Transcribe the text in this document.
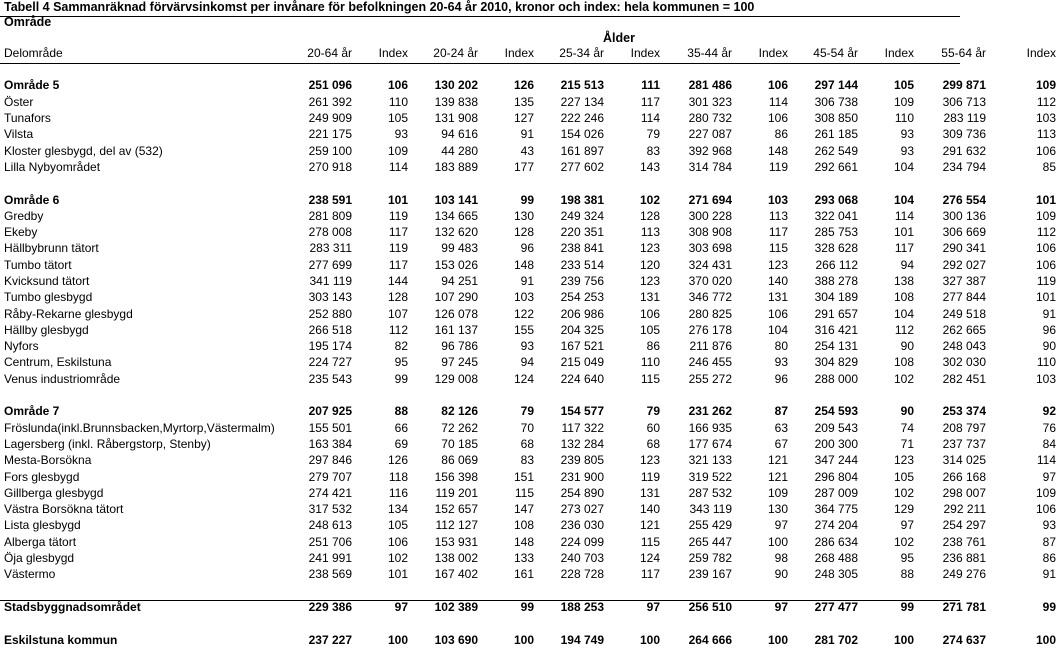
Tabell 4 Sammanräknad förvärvsinkomst per invånare för befolkningen 20-64 år 2010, kronor och index: hela kommunen = 100
Område
Ålder
Delområde	20-64 år	Index	20-24 år	Index	25-34 år	Index	35-44 år	Index	45-54 år	Index	55-64 år	Index

Område 5	251 096	106	130 202	126	215 513	111	281 486	106	297 144	105	299 871	109
Öster	261 392	110	139 838	135	227 134	117	301 323	114	306 738	109	306 713	112
Tunafors	249 909	105	131 908	127	222 246	114	280 732	106	308 850	110	283 119	103
Vilsta	221 175	93	94 616	91	154 026	79	227 087	86	261 185	93	309 736	113
Kloster glesbygd, del av (532)	259 100	109	44 280	43	161 897	83	392 968	148	262 549	93	291 632	106
Lilla Nybyområdet	270 918	114	183 889	177	277 602	143	314 784	119	292 661	104	234 794	85

Område 6	238 591	101	103 141	99	198 381	102	271 694	103	293 068	104	276 554	101
Gredby	281 809	119	134 665	130	249 324	128	300 228	113	322 041	114	300 136	109
Ekeby	278 008	117	132 620	128	220 351	113	308 908	117	285 753	101	306 669	112
Hällbybrunn tätort	283 311	119	99 483	96	238 841	123	303 698	115	328 628	117	290 341	106
Tumbo tätort	277 699	117	153 026	148	233 514	120	324 431	123	266 112	94	292 027	106
Kvicksund tätort	341 119	144	94 251	91	239 756	123	370 020	140	388 278	138	327 387	119
Tumbo glesbygd	303 143	128	107 290	103	254 253	131	346 772	131	304 189	108	277 844	101
Råby-Rekarne glesbygd	252 880	107	126 078	122	206 986	106	280 825	106	291 657	104	249 518	91
Hällby glesbygd	266 518	112	161 137	155	204 325	105	276 178	104	316 421	112	262 665	96
Nyfors	195 174	82	96 786	93	167 521	86	211 876	80	254 131	90	248 043	90
Centrum, Eskilstuna	224 727	95	97 245	94	215 049	110	246 455	93	304 829	108	302 030	110
Venus industriområde	235 543	99	129 008	124	224 640	115	255 272	96	288 000	102	282 451	103

Område 7	207 925	88	82 126	79	154 577	79	231 262	87	254 593	90	253 374	92
Fröslunda(inkl.Brunnsbacken,Myrtorp,Västermalm)	155 501	66	72 262	70	117 322	60	166 935	63	209 543	74	208 797	76
Lagersberg (inkl. Råbergstorp, Stenby)	163 384	69	70 185	68	132 284	68	177 674	67	200 300	71	237 737	84
Mesta-Borsökna	297 846	126	86 069	83	239 805	123	321 133	121	347 244	123	314 025	114
Fors glesbygd	279 707	118	156 398	151	231 900	119	319 522	121	296 804	105	266 168	97
Gillberga glesbygd	274 421	116	119 201	115	254 890	131	287 532	109	287 009	102	298 007	109
Västra Borsökna tätort	317 532	134	152 657	147	273 027	140	343 119	130	364 775	129	292 211	106
Lista glesbygd	248 613	105	112 127	108	236 030	121	255 429	97	274 204	97	254 297	93
Alberga tätort	251 706	106	153 931	148	224 099	115	265 447	100	286 634	102	238 761	87
Öja glesbygd	241 991	102	138 002	133	240 703	124	259 782	98	268 488	95	236 881	86
Västermo	238 569	101	167 402	161	228 728	117	239 167	90	248 305	88	249 276	91

Stadsbyggnadsområdet	229 386	97	102 389	99	188 253	97	256 510	97	277 477	99	271 781	99

Eskilstuna kommun	237 227	100	103 690	100	194 749	100	264 666	100	281 702	100	274 637	100
